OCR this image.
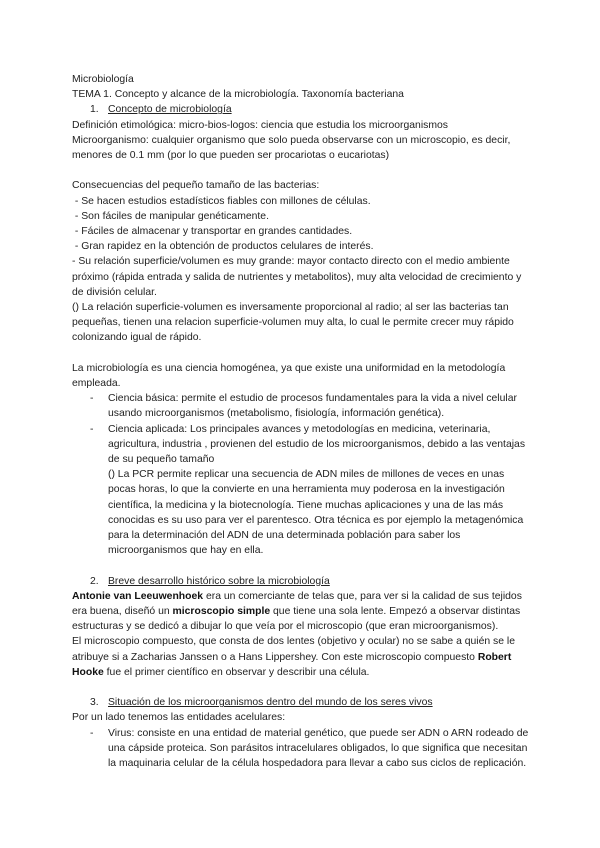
Microbiología

TEMA 1. Concepto y alcance de la microbiología. Taxonomía bacteriana

1. Concepto de microbiología

Definición etimológica: micro-bios-logos: ciencia que estudia los microorganismos

Microorganismo: cualquier organismo que solo pueda observarse con un microscopio, es decir, menores de 0.1 mm (por lo que pueden ser procariotas o eucariotas)

Consecuencias del pequeño tamaño de las bacterias:

- Se hacen estudios estadísticos fiables con millones de células.

- Son fáciles de manipular genéticamente.

- Fáciles de almacenar y transportar en grandes cantidades.

- Gran rapidez en la obtención de productos celulares de interés.

- Su relación superficie/volumen es muy grande: mayor contacto directo con el medio ambiente próximo (rápida entrada y salida de nutrientes y metabolitos), muy alta velocidad de crecimiento y de división celular.

() La relación superficie-volumen es inversamente proporcional al radio; al ser las bacterias tan pequeñas, tienen una relacion superficie-volumen muy alta, lo cual le permite crecer muy rápido colonizando igual de rápido.

La microbiología es una ciencia homogénea, ya que existe una uniformidad en la metodología empleada.

-	Ciencia básica: permite el estudio de procesos fundamentales para la vida a nivel celular usando microorganismos (metabolismo, fisiología, información genética).
-	Ciencia aplicada: Los principales avances y metodologías en medicina, veterinaria, agricultura, industria , provienen del estudio de los microorganismos, debido a las ventajas de su pequeño tamaño
() La PCR permite replicar una secuencia de ADN miles de millones de veces en unas pocas horas, lo que la convierte en una herramienta muy poderosa en la investigación científica, la medicina y la biotecnología. Tiene muchas aplicaciones y una de las más conocidas es su uso para ver el parentesco. Otra técnica es por ejemplo la metagenómica para la determinación del ADN de una determinada población para saber los microorganismos que hay en ella.
2. Breve desarrollo histórico sobre la microbiología

Antonie van Leeuwenhoek era un comerciante de telas que, para ver si la calidad de sus tejidos era buena, diseñó un microscopio simple que tiene una sola lente. Empezó a observar distintas estructuras y se dedicó a dibujar lo que veía por el microscopio (que eran microorganismos).

El microscopio compuesto, que consta de dos lentes (objetivo y ocular) no se sabe a quién se le atribuye si a Zacharias Janssen o a Hans Lippershey. Con este microscopio compuesto Robert Hooke fue el primer científico en observar y describir una célula.

3. Situación de los microorganismos dentro del mundo de los seres vivos

Por un lado tenemos las entidades acelulares:

-	Virus: consiste en una entidad de material genético, que puede ser ADN o ARN rodeado de una cápside proteica. Son parásitos intracelulares obligados, lo que significa que necesitan la maquinaria celular de la célula hospedadora para llevar a cabo sus ciclos de replicación.
